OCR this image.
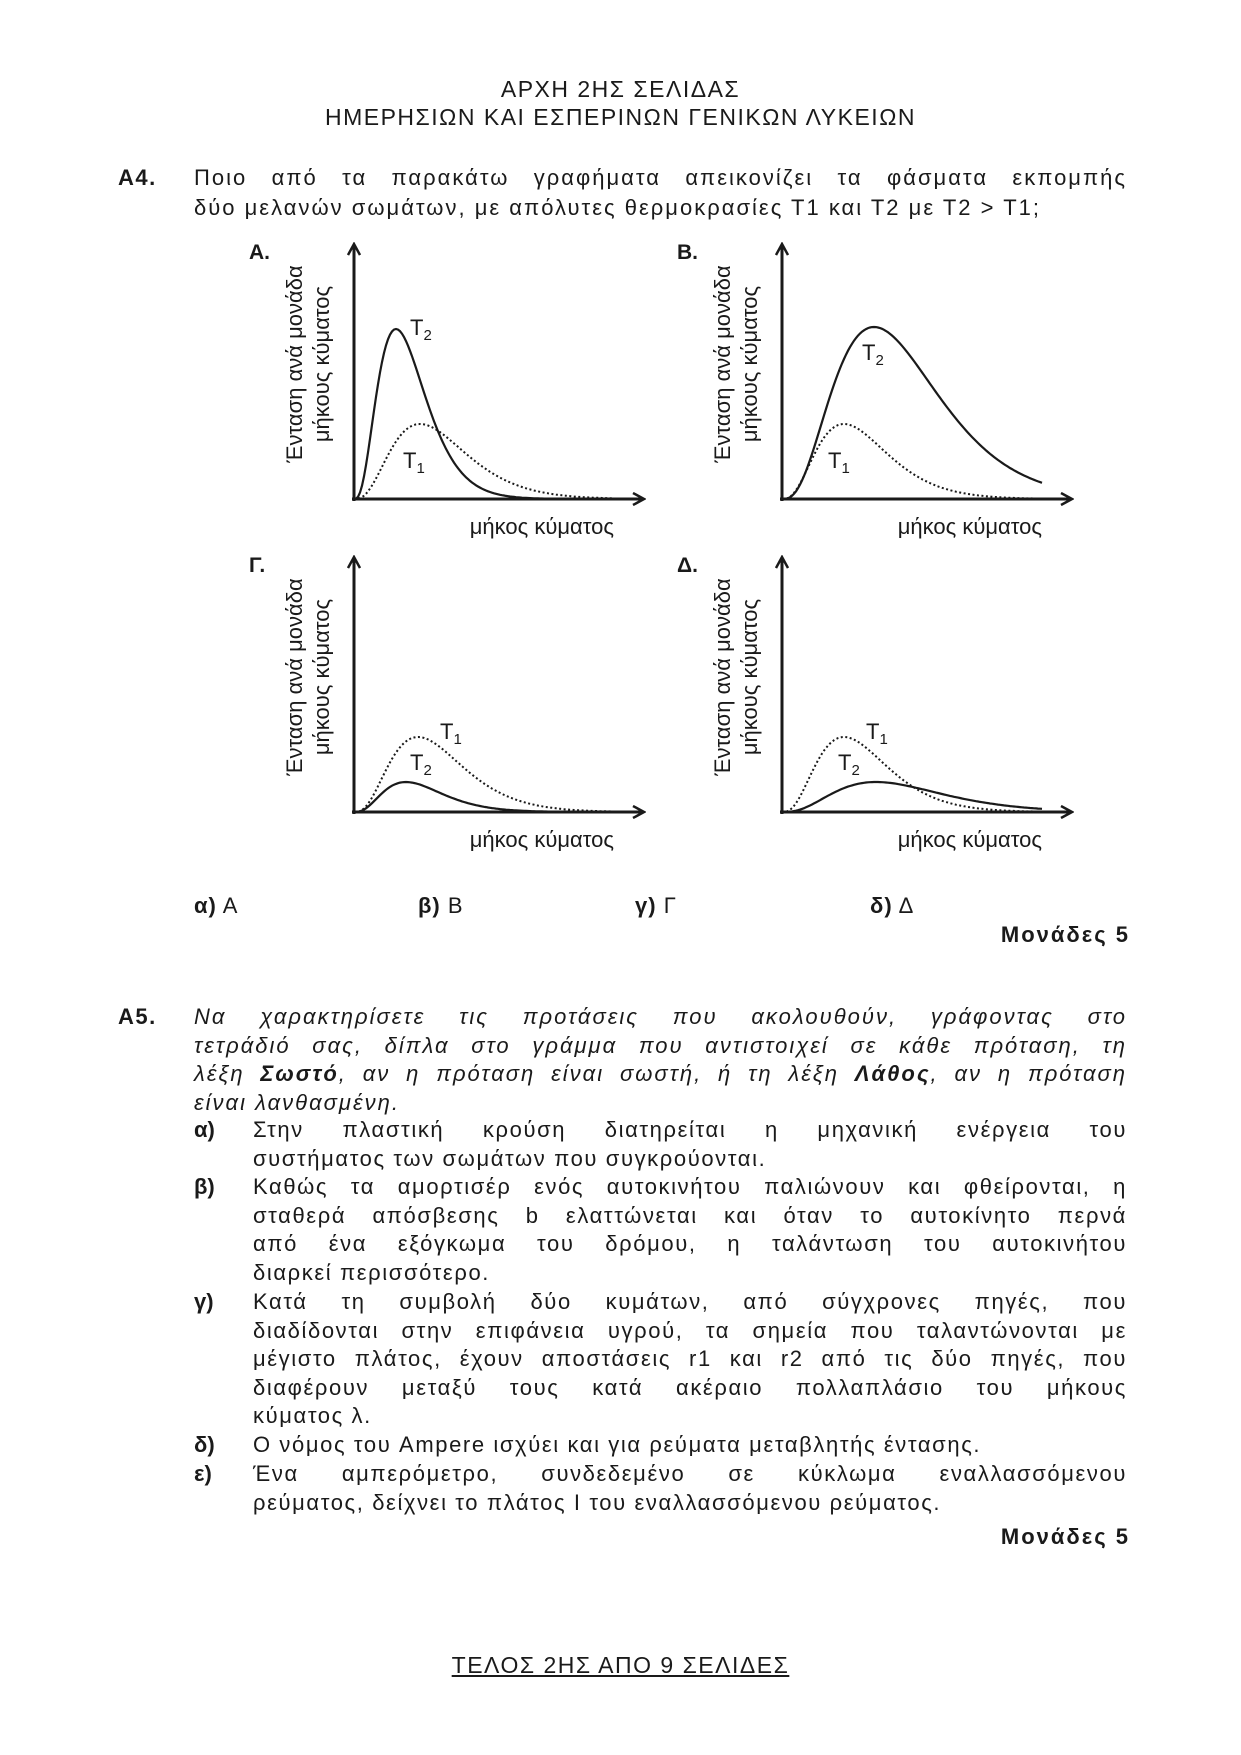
ΑΡΧΗ 2ΗΣ ΣΕΛΙΔΑΣ
ΗΜΕΡΗΣΙΩΝ ΚΑΙ ΕΣΠΕΡΙΝΩΝ ΓΕΝΙΚΩΝ ΛΥΚΕΙΩΝ
Α4. Ποιο από τα παρακάτω γραφήματα απεικονίζει τα φάσματα εκπομπής
δύο μελανών σωμάτων, με απόλυτες θερμοκρασίες Τ1 και Τ2 με Τ2 > Τ1;
$T_2$
$T_1$
Α.
μήκος κύματος
Ένταση ανά μονάδα μήκους κύματος	$T_2$
$T_1$
Β.
μήκος κύματος
Ένταση ανά μονάδα μήκους κύματος
$T_1$
$T_2$
Γ.
μήκος κύματος
Ένταση ανά μονάδα μήκους κύματος	$T_1$
$T_2$
Δ.
μήκος κύματος
Ένταση ανά μονάδα μήκους κύματος
α) Α	β) Β	γ) Γ	δ) Δ
Μονάδες 5
Α5. Να χαρακτηρίσετε τις προτάσεις που ακολουθούν, γράφοντας στο
τετράδιό σας, δίπλα στο γράμμα που αντιστοιχεί σε κάθε πρόταση, τη
λέξη Σωστό, αν η πρόταση είναι σωστή, ή τη λέξη Λάθος, αν η πρόταση
είναι λανθασμένη.
α) Στην πλαστική κρούση διατηρείται η μηχανική ενέργεια του
συστήματος των σωμάτων που συγκρούονται.
β) Καθώς τα αμορτισέρ ενός αυτοκινήτου παλιώνουν και φθείρονται, η
σταθερά απόσβεσης b ελαττώνεται και όταν το αυτοκίνητο περνά
από ένα εξόγκωμα του δρόμου, η ταλάντωση του αυτοκινήτου
διαρκεί περισσότερο.
γ) Κατά τη συμβολή δύο κυμάτων, από σύγχρονες πηγές, που
διαδίδονται στην επιφάνεια υγρού, τα σημεία που ταλαντώνονται με
μέγιστο πλάτος, έχουν αποστάσεις r1 και r2 από τις δύο πηγές, που
διαφέρουν μεταξύ τους κατά ακέραιο πολλαπλάσιο του μήκους
κύματος λ.
δ) Ο νόμος του Ampere ισχύει και για ρεύματα μεταβλητής έντασης.
ε) Ένα αμπερόμετρο, συνδεδεμένο σε κύκλωμα εναλλασσόμενου
ρεύματος, δείχνει το πλάτος I του εναλλασσόμενου ρεύματος.
Μονάδες 5
ΤΕΛΟΣ 2ΗΣ ΑΠΟ 9 ΣΕΛΙΔΕΣ
